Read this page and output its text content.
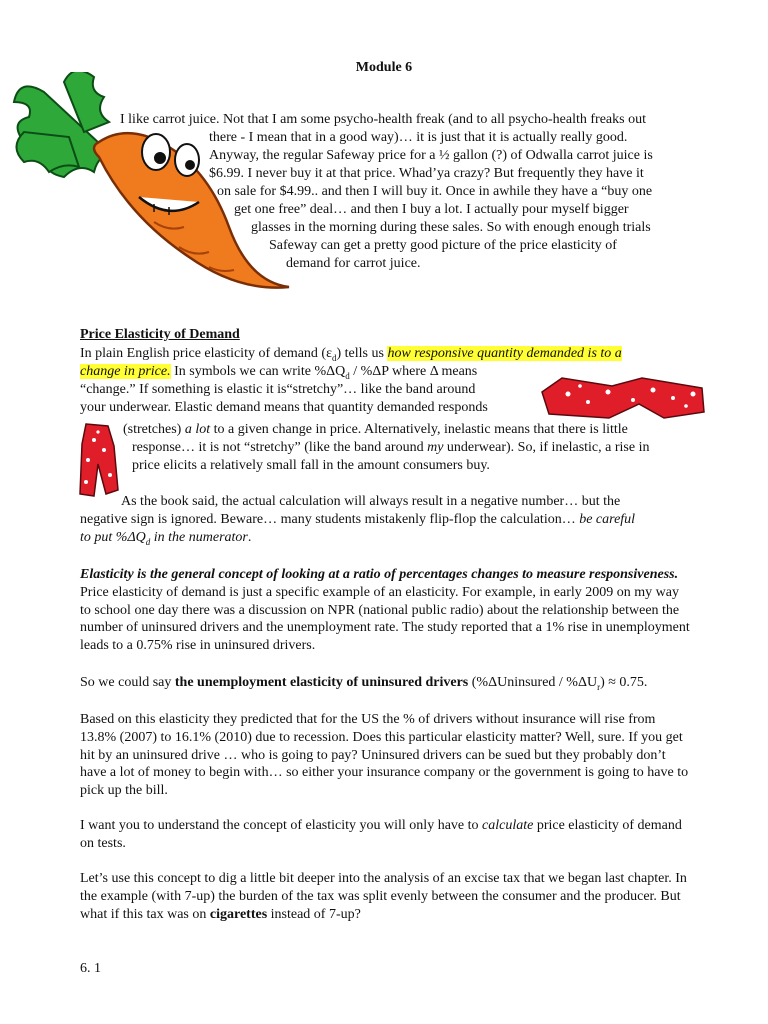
Module 6
I like carrot juice. Not that I am some psycho-health freak (and to all psycho-health freaks out
there - I mean that in a good way)… it is just that it is actually really good.
Anyway, the regular Safeway price for a ½ gallon (?) of Odwalla carrot juice is
$6.99. I never buy it at that price. Whad’ya crazy? But frequently they have it
on sale for $4.99.. and then I will buy it. Once in awhile they have a “buy one
get one free” deal… and then I buy a lot. I actually pour myself bigger
glasses in the morning during these sales. So with enough enough trials
Safeway can get a pretty good picture of the price elasticity of
demand for carrot juice.
Price Elasticity of Demand
In plain English price elasticity of demand $(\varepsilon_d)$ tells us how responsive quantity demanded is to a
change in price. In symbols we can write $\%\Delta Q_d / \%\Delta P$ where Δ means
“change.” If something is elastic it is“stretchy”… like the band around
your underwear. Elastic demand means that quantity demanded responds
(stretches) a lot to a given change in price. Alternatively, inelastic means that there is little
response… it is not “stretchy” (like the band around my underwear). So, if inelastic, a rise in
price elicits a relatively small fall in the amount consumers buy.
As the book said, the actual calculation will always result in a negative number… but the
negative sign is ignored. Beware… many students mistakenly flip-flop the calculation… be careful
to put $\%\Delta Q_d$ in the numerator.
Elasticity is the general concept of looking at a ratio of percentages changes to measure responsiveness. Price elasticity of demand is just a specific example of an elasticity. For example, in early 2009 on my way to school one day there was a discussion on NPR (national public radio) about the relationship between the number of uninsured drivers and the unemployment rate. The study reported that a 1% rise in unemployment leads to a 0.75% rise in uninsured drivers.
So we could say the unemployment elasticity of uninsured drivers (%ΔUninsured / $\%\Delta U_r) \approx 0.75$.
Based on this elasticity they predicted that for the US the % of drivers without insurance will rise from 13.8% (2007) to 16.1% (2010) due to recession. Does this particular elasticity matter? Well, sure. If you get hit by an uninsured drive … who is going to pay? Uninsured drivers can be sued but they probably don’t have a lot of money to begin with… so either your insurance company or the government is going to have to pick up the bill.
I want you to understand the concept of elasticity you will only have to calculate price elasticity of demand on tests.
Let’s use this concept to dig a little bit deeper into the analysis of an excise tax that we began last chapter. In the example (with 7-up) the burden of the tax was split evenly between the consumer and the producer. But what if this tax was on cigarettes instead of 7-up?
6. 1
